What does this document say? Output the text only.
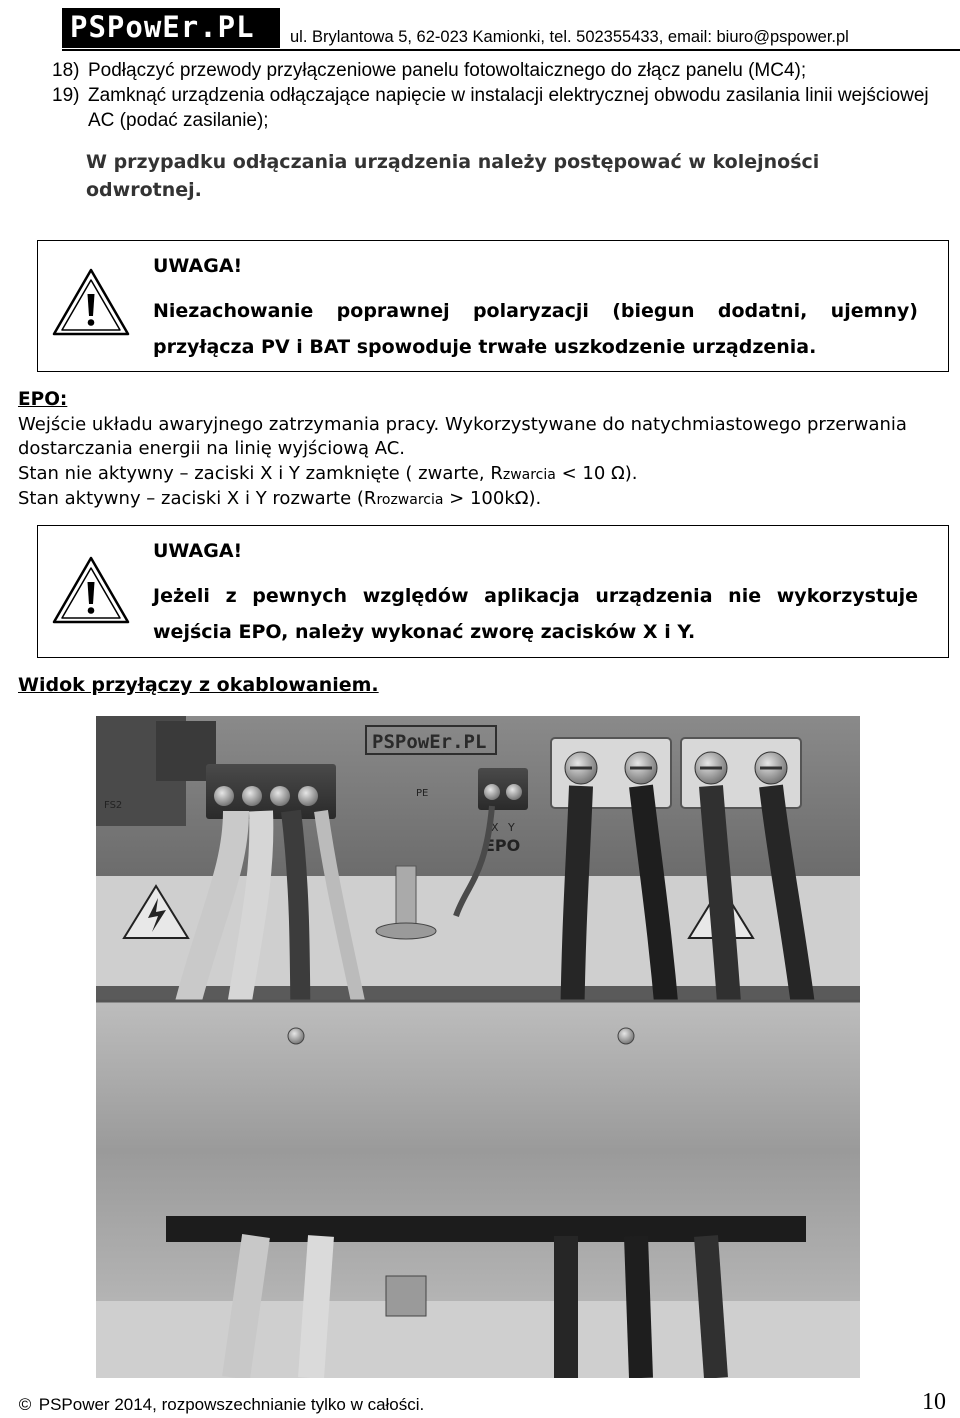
PSPowEr.PL ul. Brylantowa 5, 62-023 Kamionki, tel. 502355433, email: biuro@pspower.pl
18) Podłączyć przewody przyłączeniowe panelu fotowoltaicznego do złącz panelu (MC4);
19) Zamknąć urządzenia odłączające napięcie w instalacji elektrycznej obwodu zasilania linii wejściowej AC (podać zasilanie);
W przypadku odłączania urządzenia należy postępować w kolejności odwrotnej.
UWAGA!
Niezachowanie poprawnej polaryzacji (biegun dodatni, ujemny) przyłącza PV i BAT spowoduje trwałe uszkodzenie urządzenia.
EPO:
Wejście układu awaryjnego zatrzymania pracy. Wykorzystywane do natychmiastowego przerwania dostarczania energii na linię wyjściową AC.
Stan nie aktywny – zaciski X i Y zamknięte ( zwarte, Rzwarcia < 10 Ω).
Stan aktywny – zaciski X i Y rozwarte (Rrozwarcia > 100kΩ).
UWAGA!
Jeżeli z pewnych względów aplikacja urządzenia nie wykorzystuje wejścia EPO, należy wykonać zworę zacisków X i Y.
Widok przyłączy z okablowaniem.
PSPowEr.PL
FS2
PE
X
EPO
Y
© PSPower 2014, rozpowszechnianie tylko w całości.	10
